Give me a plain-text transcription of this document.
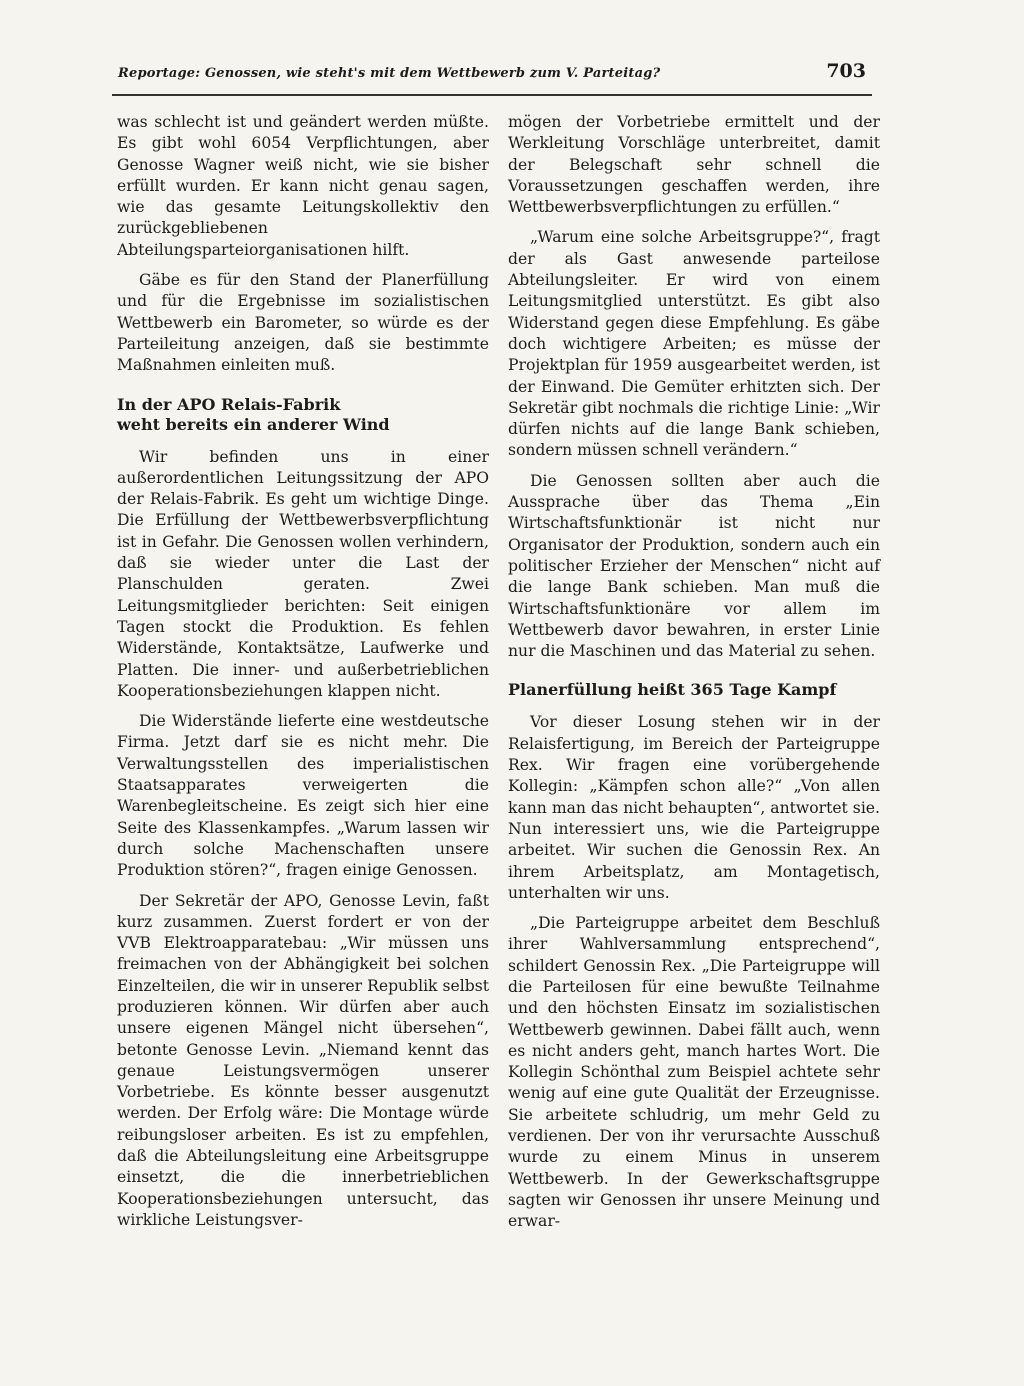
Reportage: Genossen, wie steht's mit dem Wettbewerb zum V. Parteitag?	703

was schlecht ist und geändert werden müßte. Es gibt wohl 6054 Verpflichtungen, aber Genosse Wagner weiß nicht, wie sie bisher erfüllt wurden. Er kann nicht genau sagen, wie das gesamte Leitungskollektiv den zurückgebliebenen Abteilungsparteiorganisationen hilft.

Gäbe es für den Stand der Planerfüllung und für die Ergebnisse im sozialistischen Wettbewerb ein Barometer, so würde es der Parteileitung anzeigen, daß sie bestimmte Maßnahmen einleiten muß.

In der APO Relais-Fabrik
weht bereits ein anderer Wind

Wir befinden uns in einer außerordentlichen Leitungssitzung der APO der Relais-Fabrik. Es geht um wichtige Dinge. Die Erfüllung der Wettbewerbsverpflichtung ist in Gefahr. Die Genossen wollen verhindern, daß sie wieder unter die Last der Planschulden geraten. Zwei Leitungsmitglieder berichten: Seit einigen Tagen stockt die Produktion. Es fehlen Widerstände, Kontaktsätze, Laufwerke und Platten. Die inner- und außerbetrieblichen Kooperationsbeziehungen klappen nicht.

Die Widerstände lieferte eine westdeutsche Firma. Jetzt darf sie es nicht mehr. Die Verwaltungsstellen des imperialistischen Staatsapparates verweigerten die Warenbegleitscheine. Es zeigt sich hier eine Seite des Klassenkampfes. „Warum lassen wir durch solche Machenschaften unsere Produktion stören?“, fragen einige Genossen.

Der Sekretär der APO, Genosse Levin, faßt kurz zusammen. Zuerst fordert er von der VVB Elektroapparatebau: „Wir müssen uns freimachen von der Abhängigkeit bei solchen Einzelteilen, die wir in unserer Republik selbst produzieren können. Wir dürfen aber auch unsere eigenen Mängel nicht übersehen“, betonte Genosse Levin. „Niemand kennt das genaue Leistungsvermögen unserer Vorbetriebe. Es könnte besser ausgenutzt werden. Der Erfolg wäre: Die Montage würde reibungsloser arbeiten. Es ist zu empfehlen, daß die Abteilungsleitung eine Arbeitsgruppe einsetzt, die die innerbetrieblichen Kooperationsbeziehungen untersucht, das wirkliche Leistungsver-

mögen der Vorbetriebe ermittelt und der Werkleitung Vorschläge unterbreitet, damit der Belegschaft sehr schnell die Voraussetzungen geschaffen werden, ihre Wettbewerbsverpflichtungen zu erfüllen.“

„Warum eine solche Arbeitsgruppe?“, fragt der als Gast anwesende parteilose Abteilungsleiter. Er wird von einem Leitungsmitglied unterstützt. Es gibt also Widerstand gegen diese Empfehlung. Es gäbe doch wichtigere Arbeiten; es müsse der Projektplan für 1959 ausgearbeitet werden, ist der Einwand. Die Gemüter erhitzten sich. Der Sekretär gibt nochmals die richtige Linie: „Wir dürfen nichts auf die lange Bank schieben, sondern müssen schnell verändern.“

Die Genossen sollten aber auch die Aussprache über das Thema „Ein Wirtschaftsfunktionär ist nicht nur Organisator der Produktion, sondern auch ein politischer Erzieher der Menschen“ nicht auf die lange Bank schieben. Man muß die Wirtschaftsfunktionäre vor allem im Wettbewerb davor bewahren, in erster Linie nur die Maschinen und das Material zu sehen.

Planerfüllung heißt 365 Tage Kampf

Vor dieser Losung stehen wir in der Relaisfertigung, im Bereich der Parteigruppe Rex. Wir fragen eine vorübergehende Kollegin: „Kämpfen schon alle?“ „Von allen kann man das nicht behaupten“, antwortet sie. Nun interessiert uns, wie die Parteigruppe arbeitet. Wir suchen die Genossin Rex. An ihrem Arbeitsplatz, am Montagetisch, unterhalten wir uns.

„Die Parteigruppe arbeitet dem Beschluß ihrer Wahlversammlung entsprechend“, schildert Genossin Rex. „Die Parteigruppe will die Parteilosen für eine bewußte Teilnahme und den höchsten Einsatz im sozialistischen Wettbewerb gewinnen. Dabei fällt auch, wenn es nicht anders geht, manch hartes Wort. Die Kollegin Schönthal zum Beispiel achtete sehr wenig auf eine gute Qualität der Erzeugnisse. Sie arbeitete schludrig, um mehr Geld zu verdienen. Der von ihr verursachte Ausschuß wurde zu einem Minus in unserem Wettbewerb. In der Gewerkschaftsgruppe sagten wir Genossen ihr unsere Meinung und erwar-
